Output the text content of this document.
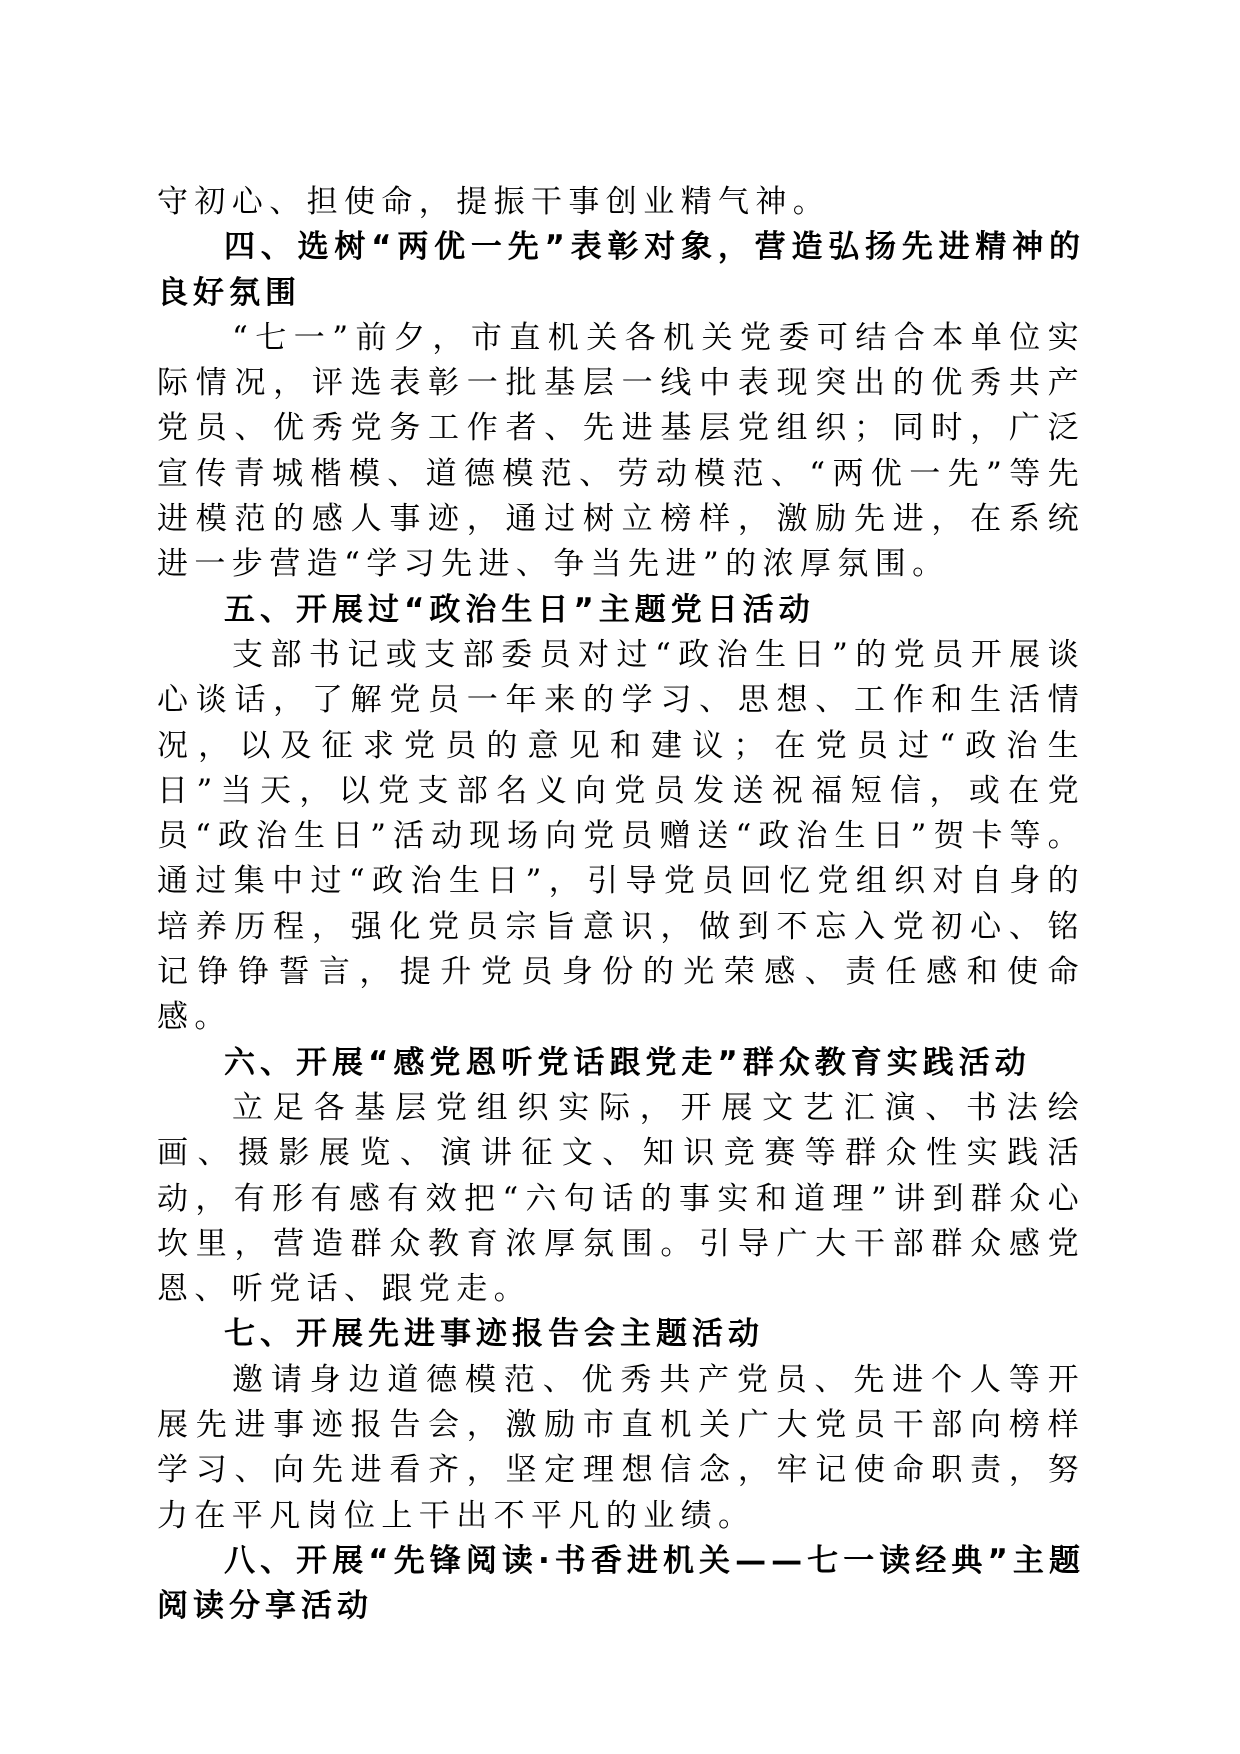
守初心、担使命，提振干事创业精气神。

四、选树“两优一先”表彰对象，营造弘扬先进精神的良好氛围

“七一”前夕，市直机关各机关党委可结合本单位实际情况，评选表彰一批基层一线中表现突出的优秀共产党员、优秀党务工作者、先进基层党组织；同时，广泛宣传青城楷模、道德模范、劳动模范、“两优一先”等先进模范的感人事迹，通过树立榜样，激励先进，在系统进一步营造“学习先进、争当先进”的浓厚氛围。

五、开展过“政治生日”主题党日活动

支部书记或支部委员对过“政治生日”的党员开展谈心谈话，了解党员一年来的学习、思想、工作和生活情况，以及征求党员的意见和建议；在党员过“政治生日”当天，以党支部名义向党员发送祝福短信，或在党员“政治生日”活动现场向党员赠送“政治生日”贺卡等。通过集中过“政治生日”，引导党员回忆党组织对自身的培养历程，强化党员宗旨意识，做到不忘入党初心、铭记铮铮誓言，提升党员身份的光荣感、责任感和使命感。

六、开展“感党恩听党话跟党走”群众教育实践活动

立足各基层党组织实际，开展文艺汇演、书法绘画、摄影展览、演讲征文、知识竞赛等群众性实践活动，有形有感有效把“六句话的事实和道理”讲到群众心坎里，营造群众教育浓厚氛围。引导广大干部群众感党恩、听党话、跟党走。

七、开展先进事迹报告会主题活动

邀请身边道德模范、优秀共产党员、先进个人等开展先进事迹报告会，激励市直机关广大党员干部向榜样学习、向先进看齐，坚定理想信念，牢记使命职责，努力在平凡岗位上干出不平凡的业绩。

八、开展“先锋阅读·书香进机关——七一读经典”主题阅读分享活动
